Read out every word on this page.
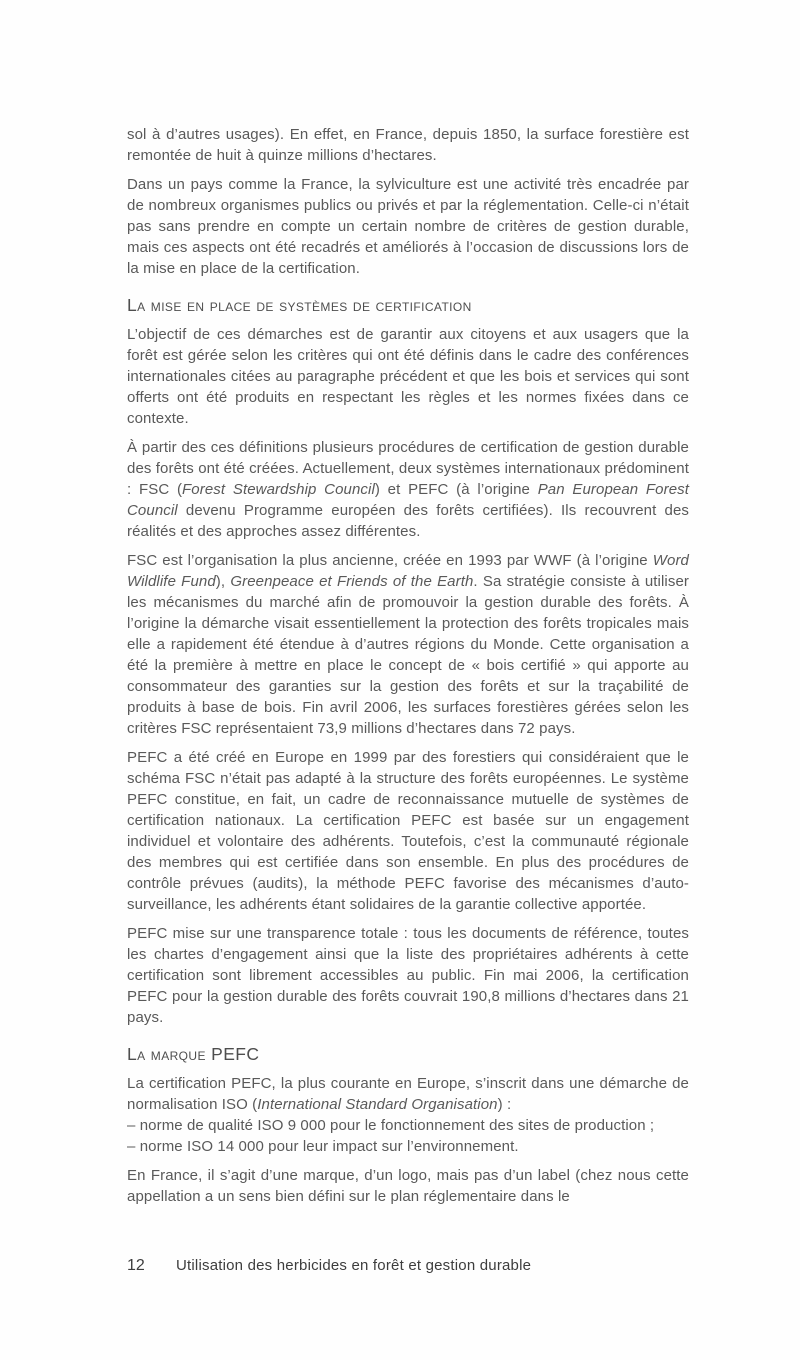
sol à d’autres usages). En effet, en France, depuis 1850, la surface forestière est remontée de huit à quinze millions d’hectares.

Dans un pays comme la France, la sylviculture est une activité très encadrée par de nombreux organismes publics ou privés et par la réglementation. Celle-ci n’était pas sans prendre en compte un certain nombre de critères de gestion durable, mais ces aspects ont été recadrés et améliorés à l’occasion de discussions lors de la mise en place de la certification.

La mise en place de systèmes de certification

L’objectif de ces démarches est de garantir aux citoyens et aux usagers que la forêt est gérée selon les critères qui ont été définis dans le cadre des conférences internationales citées au paragraphe précédent et que les bois et services qui sont offerts ont été produits en respectant les règles et les normes fixées dans ce contexte.

À partir des ces définitions plusieurs procédures de certification de gestion durable des forêts ont été créées. Actuellement, deux systèmes internationaux prédominent : FSC (Forest Stewardship Council) et PEFC (à l’origine Pan European Forest Council devenu Programme européen des forêts certifiées). Ils recouvrent des réalités et des approches assez différentes.

FSC est l’organisation la plus ancienne, créée en 1993 par WWF (à l’origine Word Wildlife Fund), Greenpeace et Friends of the Earth. Sa stratégie consiste à utiliser les mécanismes du marché afin de promouvoir la gestion durable des forêts. À l’origine la démarche visait essentiellement la protection des forêts tropicales mais elle a rapidement été étendue à d’autres régions du Monde. Cette organisation a été la première à mettre en place le concept de « bois certifié » qui apporte au consommateur des garanties sur la gestion des forêts et sur la traçabilité de produits à base de bois. Fin avril 2006, les surfaces forestières gérées selon les critères FSC représentaient 73,9 millions d’hectares dans 72 pays.

PEFC a été créé en Europe en 1999 par des forestiers qui considéraient que le schéma FSC n’était pas adapté à la structure des forêts européennes. Le système PEFC constitue, en fait, un cadre de reconnaissance mutuelle de systèmes de certification nationaux. La certification PEFC est basée sur un engagement individuel et volontaire des adhérents. Toutefois, c’est la communauté régionale des membres qui est certifiée dans son ensemble. En plus des procédures de contrôle prévues (audits), la méthode PEFC favorise des mécanismes d’auto-surveillance, les adhérents étant solidaires de la garantie collective apportée.

PEFC mise sur une transparence totale : tous les documents de référence, toutes les chartes d’engagement ainsi que la liste des propriétaires adhérents à cette certification sont librement accessibles au public. Fin mai 2006, la certification PEFC pour la gestion durable des forêts couvrait 190,8 millions d’hectares dans 21 pays.

La marque PEFC

La certification PEFC, la plus courante en Europe, s’inscrit dans une démarche de normalisation ISO (International Standard Organisation) :

– norme de qualité ISO 9 000 pour le fonctionnement des sites de production ;

– norme ISO 14 000 pour leur impact sur l’environnement.

En France, il s’agit d’une marque, d’un logo, mais pas d’un label (chez nous cette appellation a un sens bien défini sur le plan réglementaire dans le

12	Utilisation des herbicides en forêt et gestion durable
